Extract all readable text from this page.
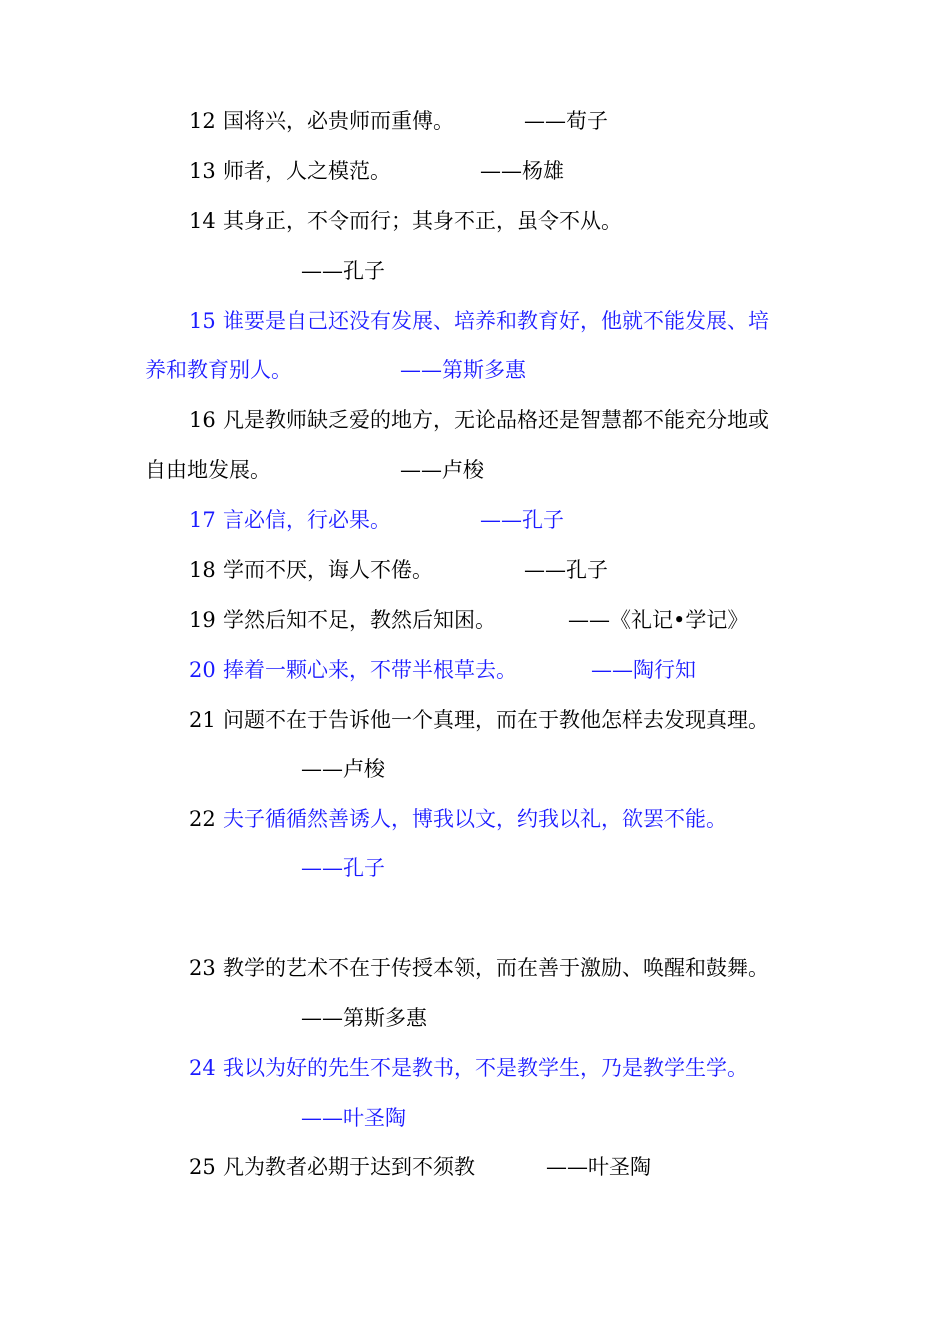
12

国将兴，必贵师而重傅。

	——荀子

13

师者，人之模范。

	——杨雄

14

其身正，不令而行；其身不正，虽令不从。

——孔子

15

谁要是自己还没有发展、培养和教育好，他就不能发展、培

养和教育别人。

	——第斯多惠

16

凡是教师缺乏爱的地方，无论品格还是智慧都不能充分地或

自由地发展。

	——卢梭

17

言必信，行必果。

	——孔子

18

学而不厌，诲人不倦。

	——孔子

19

学然后知不足，教然后知困。

	——《礼记•学记》

20

捧着一颗心来，不带半根草去。

	——陶行知

21

问题不在于告诉他一个真理，而在于教他怎样去发现真理。

——卢梭

22

夫子循循然善诱人，博我以文，约我以礼，欲罢不能。

——孔子

23

教学的艺术不在于传授本领，而在善于激励、唤醒和鼓舞。

——第斯多惠

24

我以为好的先生不是教书，不是教学生，乃是教学生学。

——叶圣陶

25

凡为教者必期于达到不须教

	——叶圣陶
